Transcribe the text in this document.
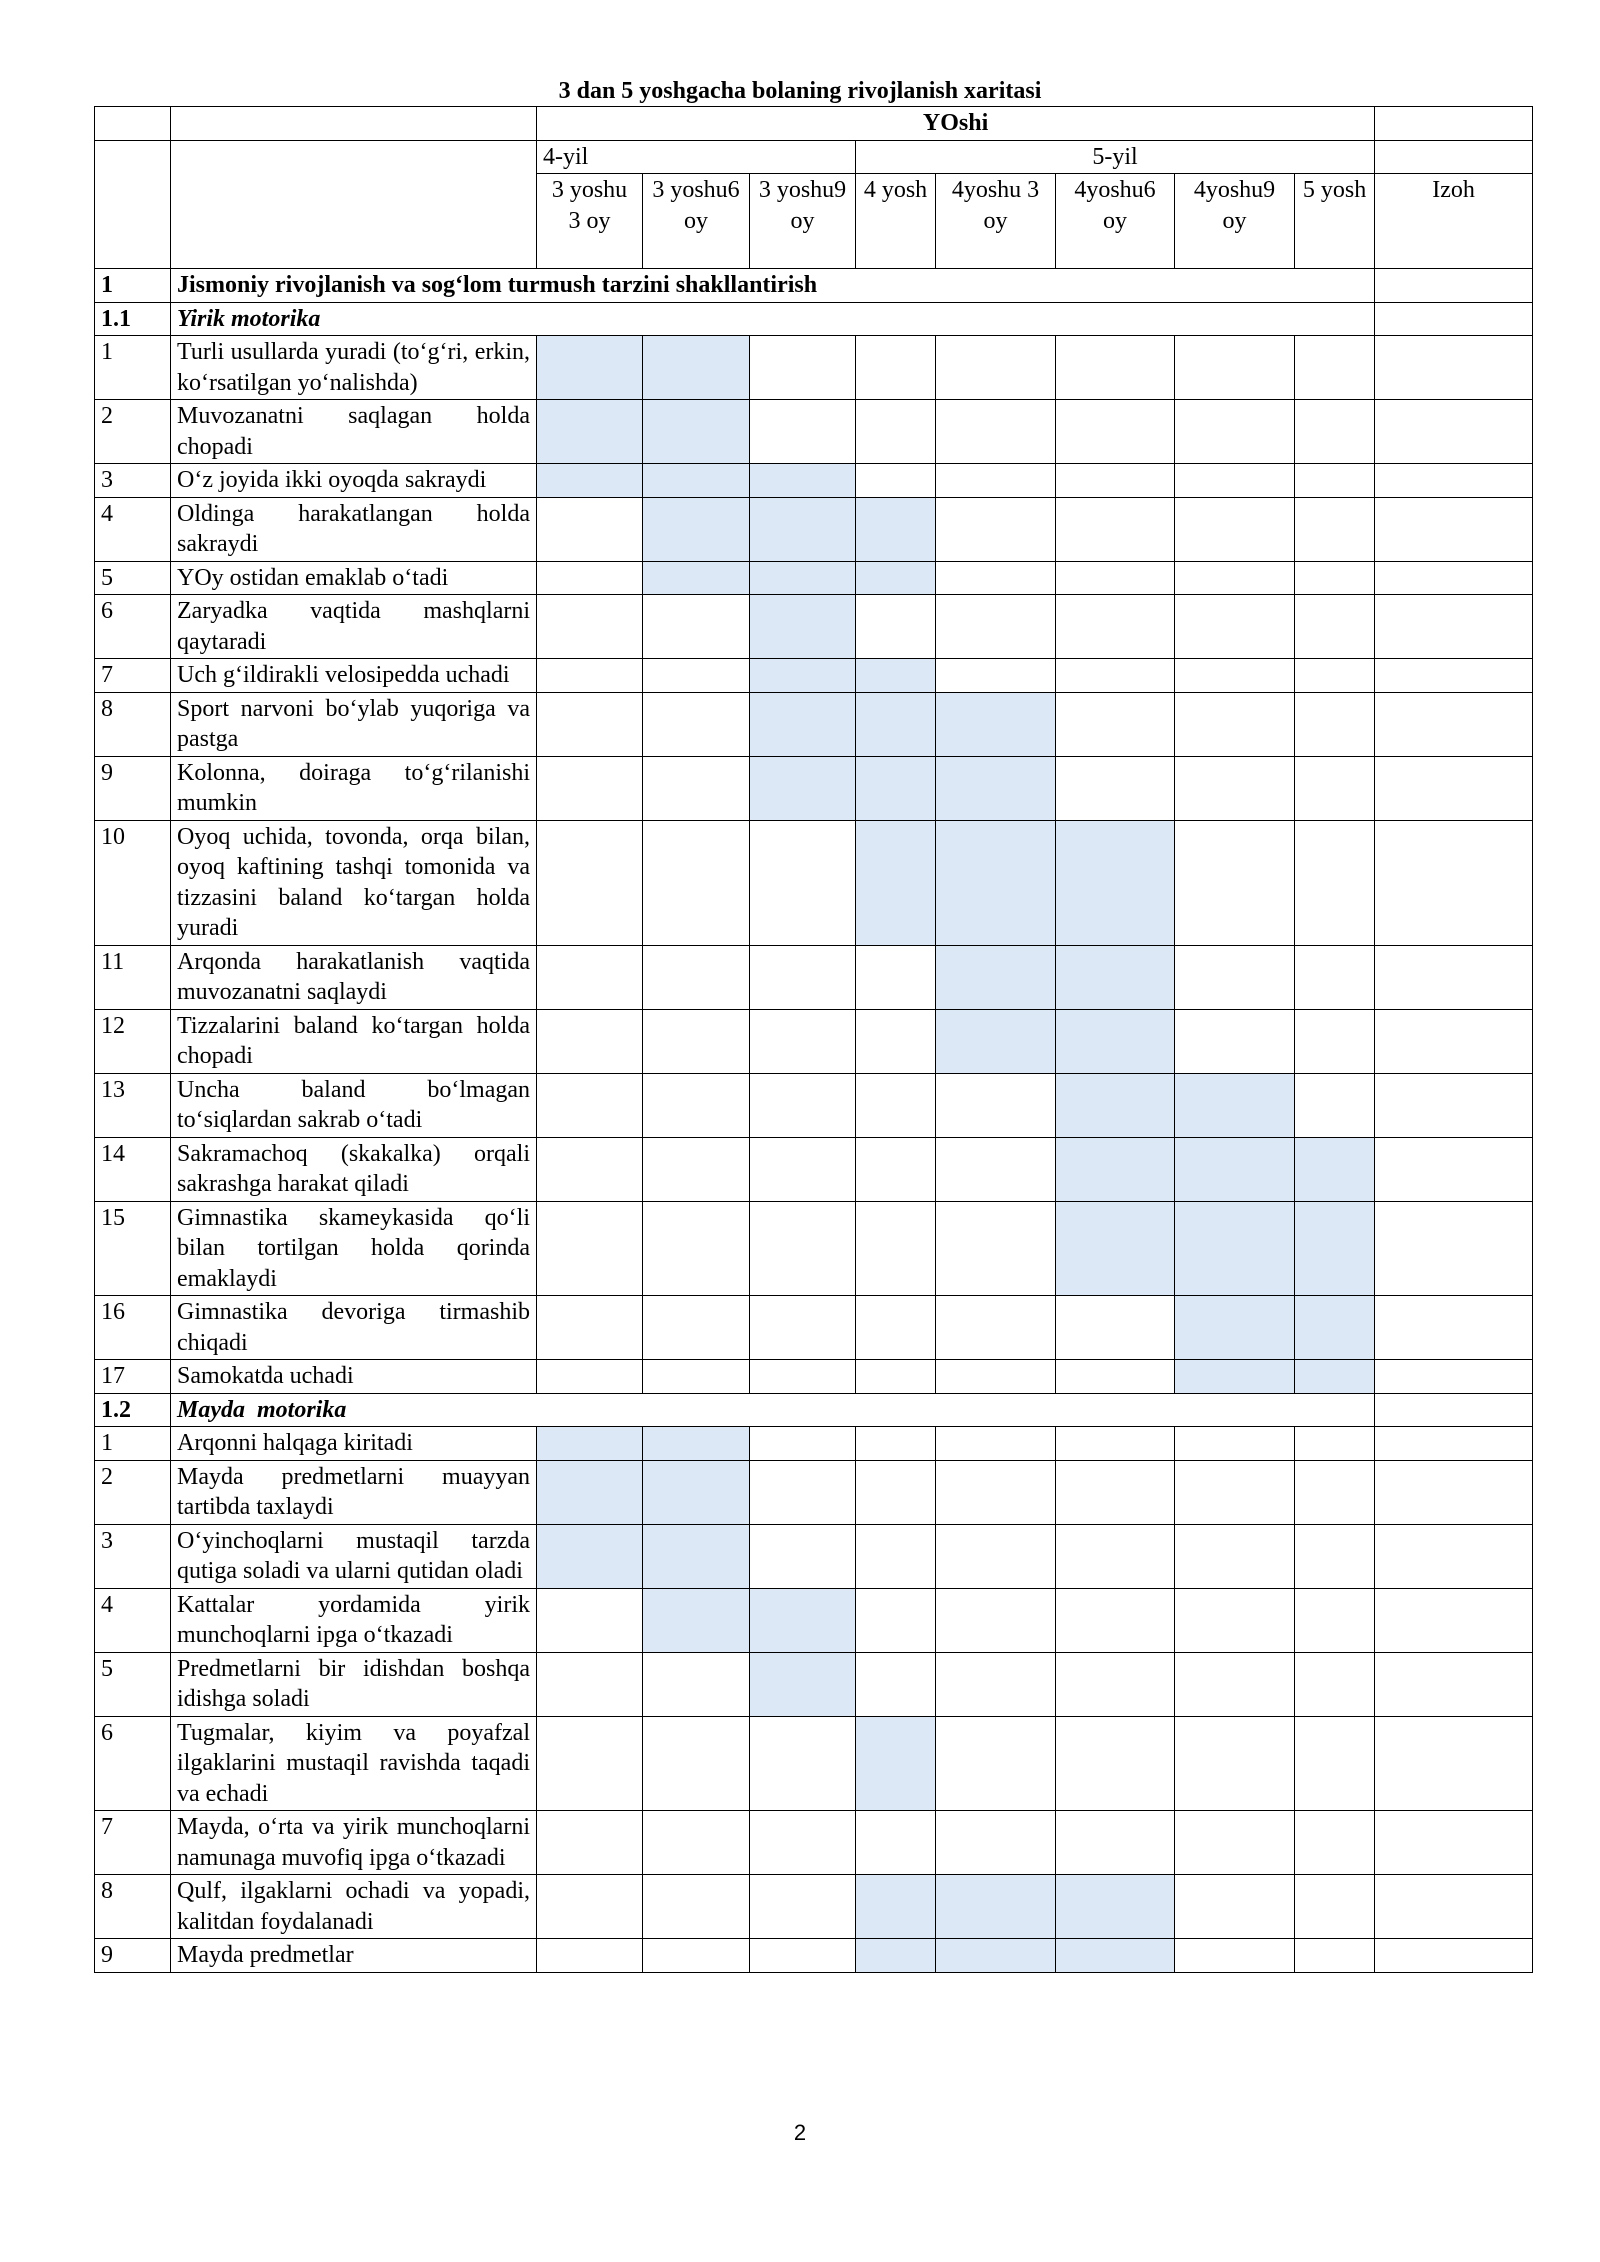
3 dan 5 yoshgacha bolaning rivojlanish xaritasi
		YOshi								
		4-yil			5-yil					
		3 yoshu 3 oy	3 yoshu6 oy	3 yoshu9 oy	4 yosh	4yoshu 3 oy	4yoshu6 oy	4yoshu9 oy	5 yosh	Izoh
1	Jismoniy rivojlanish va sog‘lom turmush tarzini shakllantirish									
1.1	Yirik motorika									
1	Turli usullarda yuradi (to‘g‘ri, erkin, ko‘rsatilgan yo‘nalishda)									
2	Muvozanatni saqlagan holda chopadi									
3	O‘z joyida ikki oyoqda sakraydi									
4	Oldinga harakatlangan holda sakraydi									
5	YOy ostidan emaklab o‘tadi									
6	Zaryadka vaqtida mashqlarni qaytaradi									
7	Uch g‘ildirakli velosipedda uchadi									
8	Sport narvoni bo‘ylab yuqoriga va pastga									
9	Kolonna, doiraga to‘g‘rilanishi mumkin									
10	Oyoq uchida, tovonda, orqa bilan, oyoq kaftining tashqi tomonida va tizzasini baland ko‘targan holda yuradi									
11	Arqonda harakatlanish vaqtida muvozanatni saqlaydi									
12	Tizzalarini baland ko‘targan holda chopadi									
13	Uncha baland bo‘lmagan to‘siqlardan sakrab o‘tadi									
14	Sakramachoq (skakalka) orqali sakrashga harakat qiladi									
15	Gimnastika skameykasida qo‘li bilan tortilgan holda qorinda emaklaydi									
16	Gimnastika devoriga tirmashib chiqadi									
17	Samokatda uchadi									
1.2	Mayda  motorika									
1	Arqonni halqaga kiritadi									
2	Mayda predmetlarni muayyan tartibda taxlaydi									
3	O‘yinchoqlarni mustaqil tarzda qutiga soladi va ularni qutidan oladi									
4	Kattalar yordamida yirik munchoqlarni ipga o‘tkazadi									
5	Predmetlarni bir idishdan boshqa idishga soladi									
6	Tugmalar, kiyim va poyafzal ilgaklarini mustaqil ravishda taqadi va echadi									
7	Mayda, o‘rta va yirik munchoqlarni namunaga muvofiq ipga o‘tkazadi									
8	Qulf, ilgaklarni ochadi va yopadi, kalitdan foydalanadi									
9	Mayda predmetlar									
2
